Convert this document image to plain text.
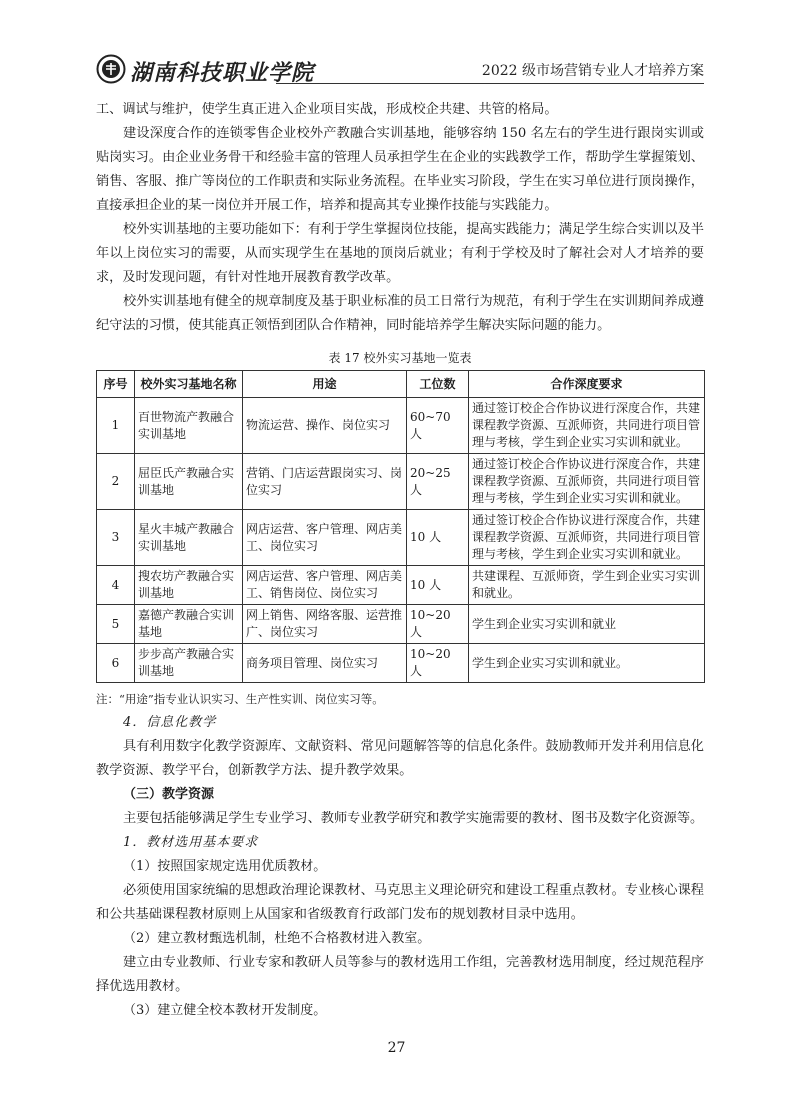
湖南科技职业学院	2022 级市场营销专业人才培养方案

工、调试与维护，使学生真正进入企业项目实战，形成校企共建、共管的格局。

建设深度合作的连锁零售企业校外产教融合实训基地，能够容纳 150 名左右的学生进行跟岗实训或贴岗实习。由企业业务骨干和经验丰富的管理人员承担学生在企业的实践教学工作，帮助学生掌握策划、销售、客服、推广等岗位的工作职责和实际业务流程。在毕业实习阶段，学生在实习单位进行顶岗操作，直接承担企业的某一岗位并开展工作，培养和提高其专业操作技能与实践能力。

校外实训基地的主要功能如下：有利于学生掌握岗位技能，提高实践能力；满足学生综合实训以及半年以上岗位实习的需要，从而实现学生在基地的顶岗后就业；有利于学校及时了解社会对人才培养的要求，及时发现问题，有针对性地开展教育教学改革。

校外实训基地有健全的规章制度及基于职业标准的员工日常行为规范，有利于学生在实训期间养成遵纪守法的习惯，使其能真正领悟到团队合作精神，同时能培养学生解决实际问题的能力。

表 17 校外实习基地一览表
序号	校外实习基地名称	用途	工位数	合作深度要求
1	百世物流产教融合实训基地	物流运营、操作、岗位实习	60~70 人	通过签订校企合作协议进行深度合作，共建课程教学资源、互派师资，共同进行项目管理与考核，学生到企业实习实训和就业。
2	屈臣氏产教融合实训基地	营销、门店运营跟岗实习、岗位实习	20~25 人	通过签订校企合作协议进行深度合作，共建课程教学资源、互派师资，共同进行项目管理与考核，学生到企业实习实训和就业。
3	星火丰城产教融合实训基地	网店运营、客户管理、网店美工、岗位实习	10 人	通过签订校企合作协议进行深度合作，共建课程教学资源、互派师资，共同进行项目管理与考核，学生到企业实习实训和就业。
4	搜农坊产教融合实训基地	网店运营、客户管理、网店美工、销售岗位、岗位实习	10 人	共建课程、互派师资，学生到企业实习实训和就业。
5	嘉德产教融合实训基地	网上销售、网络客服、运营推广、岗位实习	10~20 人	学生到企业实习实训和就业
6	步步高产教融合实训基地	商务项目管理、岗位实习	10~20 人	学生到企业实习实训和就业。
注：“用途”指专业认识实习、生产性实训、岗位实习等。

4．信息化教学

具有利用数字化教学资源库、文献资料、常见问题解答等的信息化条件。鼓励教师开发并利用信息化教学资源、教学平台，创新教学方法、提升教学效果。

（三）教学资源

主要包括能够满足学生专业学习、教师专业教学研究和教学实施需要的教材、图书及数字化资源等。

1．教材选用基本要求

（1）按照国家规定选用优质教材。

必须使用国家统编的思想政治理论课教材、马克思主义理论研究和建设工程重点教材。专业核心课程和公共基础课程教材原则上从国家和省级教育行政部门发布的规划教材目录中选用。

（2）建立教材甄选机制，杜绝不合格教材进入教室。

建立由专业教师、行业专家和教研人员等参与的教材选用工作组，完善教材选用制度，经过规范程序择优选用教材。

（3）建立健全校本教材开发制度。

27
